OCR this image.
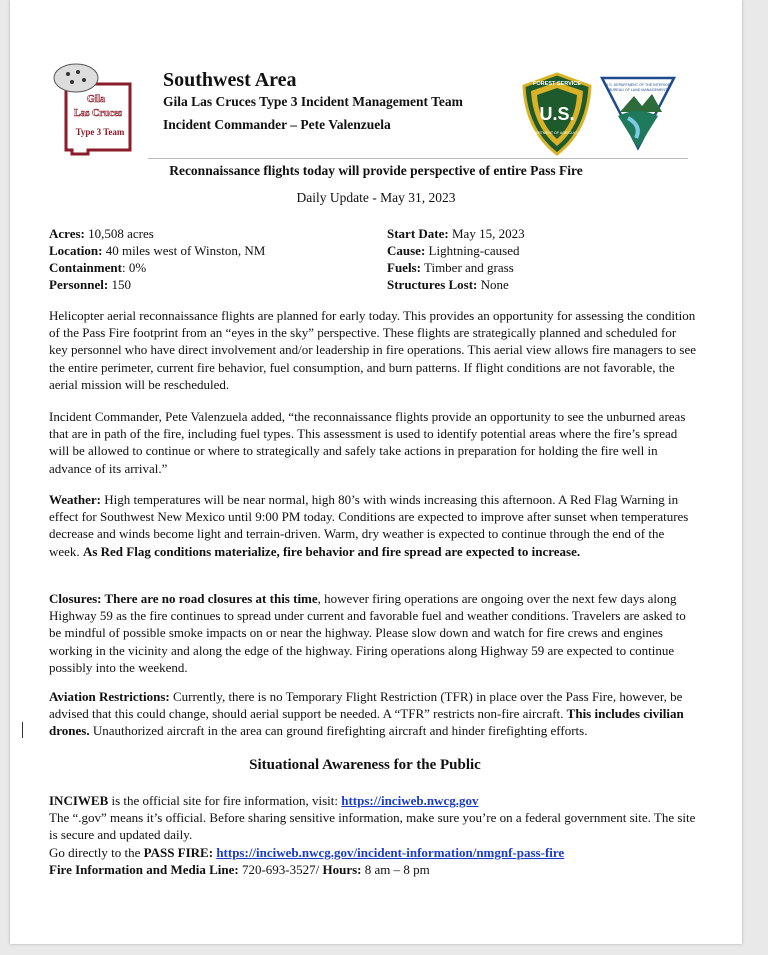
Gila
Las Cruces
Type 3 Team
Southwest Area
Gila Las Cruces Type 3 Incident Management Team
Incident Commander – Pete Valenzuela
FOREST SERVICE
U.S.
DEPARTMENT OF AGRICULTURE
U.S. DEPARTMENT OF THE INTERIOR
BUREAU OF LAND MANAGEMENT
Reconnaissance flights today will provide perspective of entire Pass Fire
Daily Update - May 31, 2023
Acres: 10,508 acres
Location: 40 miles west of Winston, NM
Containment: 0%
Personnel: 150
Start Date: May 15, 2023
Cause: Lightning-caused
Fuels: Timber and grass
Structures Lost: None
Helicopter aerial reconnaissance flights are planned for early today. This provides an opportunity for assessing the condition of the Pass Fire footprint from an “eyes in the sky” perspective. These flights are strategically planned and scheduled for key personnel who have direct involvement and/or leadership in fire operations. This aerial view allows fire managers to see the entire perimeter, current fire behavior, fuel consumption, and burn patterns. If flight conditions are not favorable, the aerial mission will be rescheduled.
Incident Commander, Pete Valenzuela added, “the reconnaissance flights provide an opportunity to see the unburned areas that are in path of the fire, including fuel types. This assessment is used to identify potential areas where the fire’s spread will be allowed to continue or where to strategically and safely take actions in preparation for holding the fire well in advance of its arrival.”
Weather: High temperatures will be near normal, high 80’s with winds increasing this afternoon. A Red Flag Warning in effect for Southwest New Mexico until 9:00 PM today. Conditions are expected to improve after sunset when temperatures decrease and winds become light and terrain-driven. Warm, dry weather is expected to continue through the end of the week. As Red Flag conditions materialize, fire behavior and fire spread are expected to increase.
Closures: There are no road closures at this time, however firing operations are ongoing over the next few days along Highway 59 as the fire continues to spread under current and favorable fuel and weather conditions. Travelers are asked to be mindful of possible smoke impacts on or near the highway. Please slow down and watch for fire crews and engines working in the vicinity and along the edge of the highway. Firing operations along Highway 59 are expected to continue possibly into the weekend.
Aviation Restrictions: Currently, there is no Temporary Flight Restriction (TFR) in place over the Pass Fire, however, be advised that this could change, should aerial support be needed. A “TFR” restricts non-fire aircraft. This includes civilian drones. Unauthorized aircraft in the area can ground firefighting aircraft and hinder firefighting efforts.
Situational Awareness for the Public
INCIWEB is the official site for fire information, visit: https://inciweb.nwcg.gov
The “.gov” means it’s official. Before sharing sensitive information, make sure you’re on a federal government site. The site is secure and updated daily.
Go directly to the PASS FIRE: https://inciweb.nwcg.gov/incident-information/nmgnf-pass-fire
Fire Information and Media Line: 720-693-3527/ Hours: 8 am – 8 pm
